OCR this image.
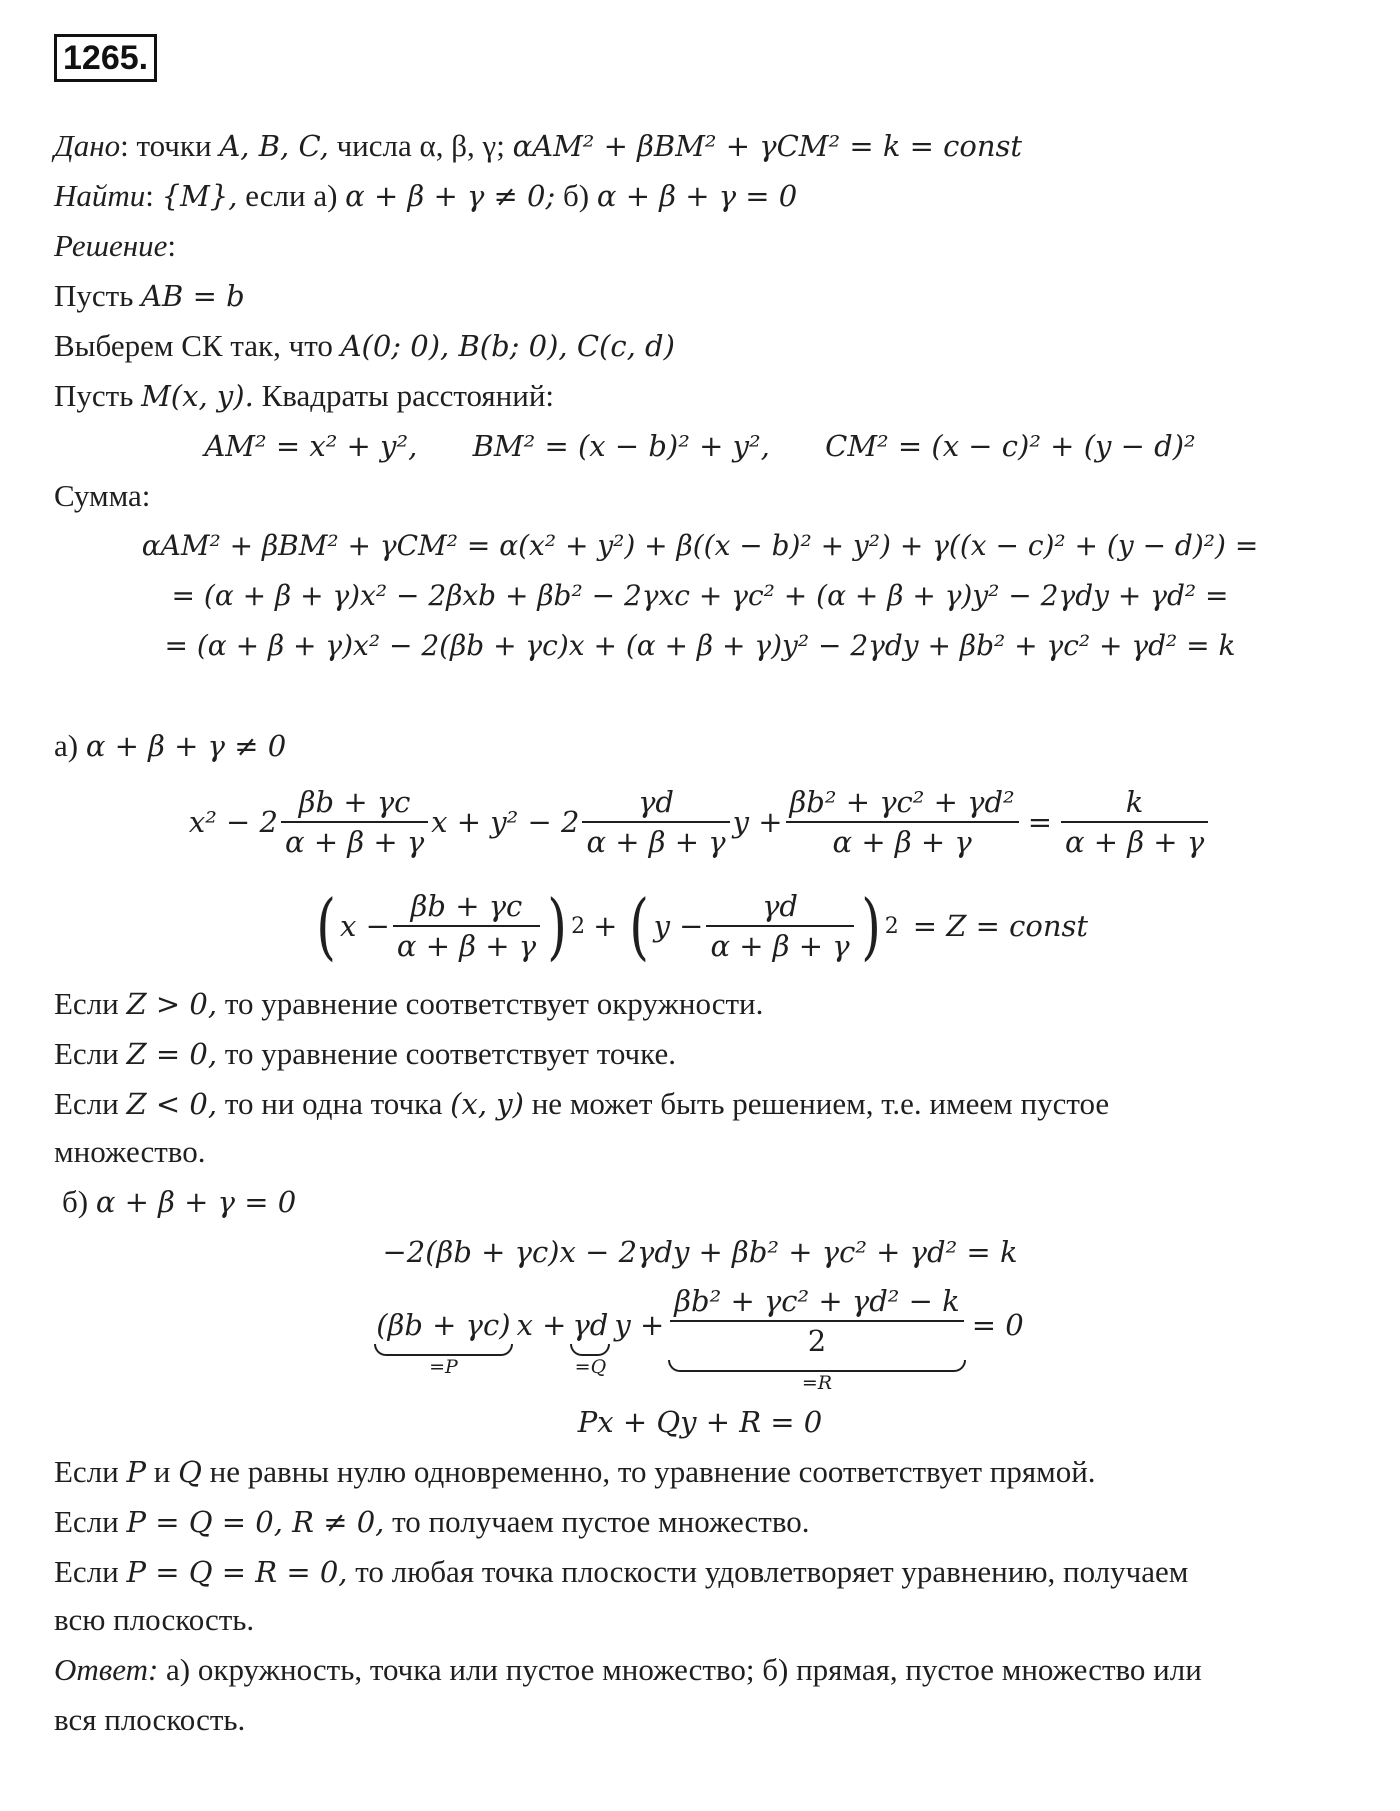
1265.
Дано: точки A, B, C, числа α, β, γ; αAM² + βBM² + γCM² = k = const
Найти: {M}, если а) α + β + γ ≠ 0; б) α + β + γ = 0
Решение:
Пусть AB = b
Выберем СК так, что A(0; 0), B(b; 0), C(c, d)
Пусть M(x, y). Квадраты расстояний:
AM² = x² + y²,      BM² = (x − b)² + y²,      CM² = (x − c)² + (y − d)²
Сумма:
αAM² + βBM² + γCM² = α(x² + y²) + β((x − b)² + y²) + γ((x − c)² + (y − d)²) =
= (α + β + γ)x² − 2βxb + βb² − 2γxc + γc² + (α + β + γ)y² − 2γdy + γd² =
= (α + β + γ)x² − 2(βb + γc)x + (α + β + γ)y² − 2γdy + βb² + γc² + γd² = k
а) α + β + γ ≠ 0
$x^2 - 2 \frac{\beta b + \gamma c}{\alpha + \beta + \gamma}$ $x + y^2 - 2 \frac{\gamma d}{\alpha + \beta + \gamma}$ $y + \frac{\text{βb² + γc² + γd²}}{\alpha + \beta + \gamma} = \frac{k}{\alpha + \beta + \gamma}$
( $x - \frac{\beta b + \gamma c}{\alpha + \beta + \gamma}$ ) 2 + ( $y - \frac{\gamma d}{\alpha + \beta + \gamma}$ ) 2 = Z = const
Если Z > 0, то уравнение соответствует окружности.
Если Z = 0, то уравнение соответствует точке.
Если Z < 0, то ни одна точка (x, y) не может быть решением, т.е. имеем пустое
множество.
б) α + β + γ = 0
−2(βb + γc)x − 2γdy + βb² + γc² + γd² = k
(βb + γc)
=P
x + γd
=Q
$y + \frac{\text{βb² + γc² + γd² − k}}{2}$
=R
= 0
Px + Qy + R = 0
Если P и Q не равны нулю одновременно, то уравнение соответствует прямой.
Если P = Q = 0, R ≠ 0, то получаем пустое множество.
Если P = Q = R = 0, то любая точка плоскости удовлетворяет уравнению, получаем
всю плоскость.
Ответ: а) окружность, точка или пустое множество; б) прямая, пустое множество или
вся плоскость.
